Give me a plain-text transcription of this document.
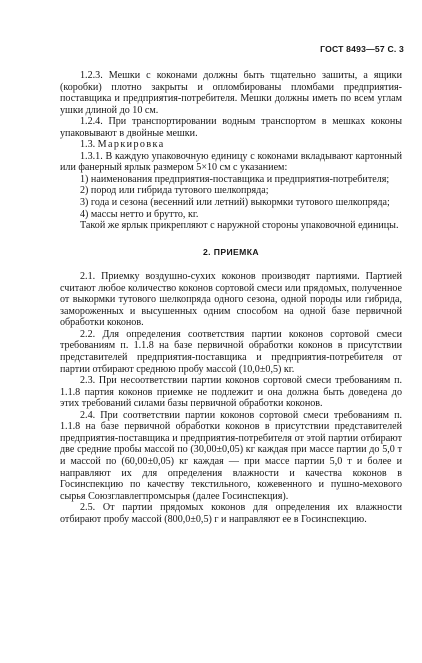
ГОСТ 8493—57 С. 3

1.2.3. Мешки с коконами должны быть тщательно зашиты, а ящики (коробки) плотно закрыты и опломбированы пломбами предприятия-поставщика и предприятия-потребителя. Мешки должны иметь по всем углам ушки длиной до 10 см.

1.2.4. При транспортировании водным транспортом в мешках коконы упаковывают в двойные мешки.

1.3. Маркировка

1.3.1. В каждую упаковочную единицу с коконами вкладывают картонный или фанерный ярлык размером 5×10 см с указанием:

1) наименования предприятия-поставщика и предприятия-потребителя;

2) пород или гибрида тутового шелкопряда;

3) года и сезона (весенний или летний) выкормки тутового шелкопряда;

4) массы нетто и брутто, кг.

Такой же ярлык прикрепляют с наружной стороны упаковочной единицы.

2. ПРИЕМКА

2.1. Приемку воздушно-сухих коконов производят партиями. Партией считают любое количество коконов сортовой смеси или прядомых, полученное от выкормки тутового шелкопряда одного сезона, одной породы или гибрида, замороженных и высушенных одним способом на одной базе первичной обработки коконов.

2.2. Для определения соответствия партии коконов сортовой смеси требованиям п. 1.1.8 на базе первичной обработки коконов в присутствии представителей предприятия-поставщика и предприятия-потребителя от партии отбирают среднюю пробу массой (10,0±0,5) кг.

2.3. При несоответствии партии коконов сортовой смеси требованиям п. 1.1.8 партия коконов приемке не подлежит и она должна быть доведена до этих требований силами базы первичной обработки коконов.

2.4. При соответствии партии коконов сортовой смеси требованиям п. 1.1.8 на базе первичной обработки коконов в присутствии представителей предприятия-поставщика и предприятия-потребителя от этой партии отбирают две средние пробы массой по (30,00±0,05) кг каждая при массе партии до 5,0 т и массой по (60,00±0,05) кг каждая — при массе партии 5,0 т и более и направляют их для определения влажности и качества коконов в Госинспекцию по качеству текстильного, кожевенного и пушно-мехового сырья Союзглавлегпромсырья (далее Госинспекция).

2.5. От партии прядомых коконов для определения их влажности отбирают пробу массой (800,0±0,5) г и направляют ее в Госинспекцию.
